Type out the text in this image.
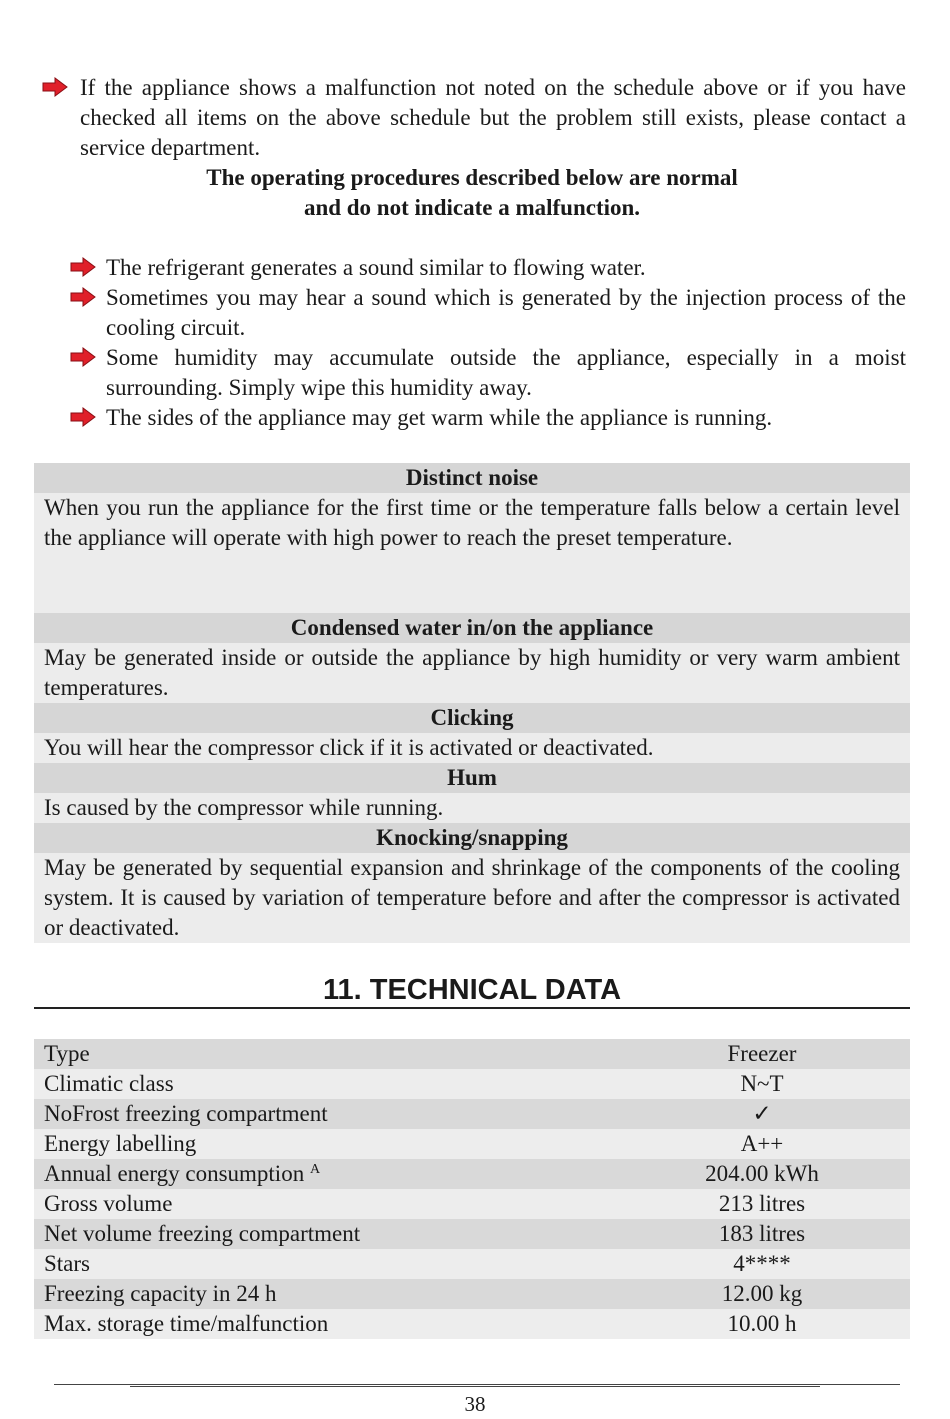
If the appliance shows a malfunction not noted on the schedule above or if you have checked all items on the above schedule but the problem still exists, please contact a service department.
The operating procedures described below are normal
and do not indicate a malfunction.
The refrigerant generates a sound similar to flowing water.
Sometimes you may hear a sound which is generated by the injection process of the cooling circuit.
Some humidity may accumulate outside the appliance, especially in a moist surrounding. Simply wipe this humidity away.
The sides of the appliance may get warm while the appliance is running.
Distinct noise
When you run the appliance for the first time or the temperature falls below a certain level the appliance will operate with high power to reach the preset temperature.
Condensed water in/on the appliance
May be generated inside or outside the appliance by high humidity or very warm ambient temperatures.
Clicking
You will hear the compressor click if it is activated or deactivated.
Hum
Is caused by the compressor while running.
Knocking/snapping
May be generated by sequential expansion and shrinkage of the components of the cooling system. It is caused by variation of temperature before and after the compressor is activated or deactivated.
11. TECHNICAL DATA
Type	Freezer
Climatic class	N~T
NoFrost freezing compartment	✓
Energy labelling	A++
Annual energy consumption $^A$	204.00 kWh
Gross volume	213 litres
Net volume freezing compartment	183 litres
Stars	4****
Freezing capacity in 24 h	12.00 kg
Max. storage time/malfunction	10.00 h
38
